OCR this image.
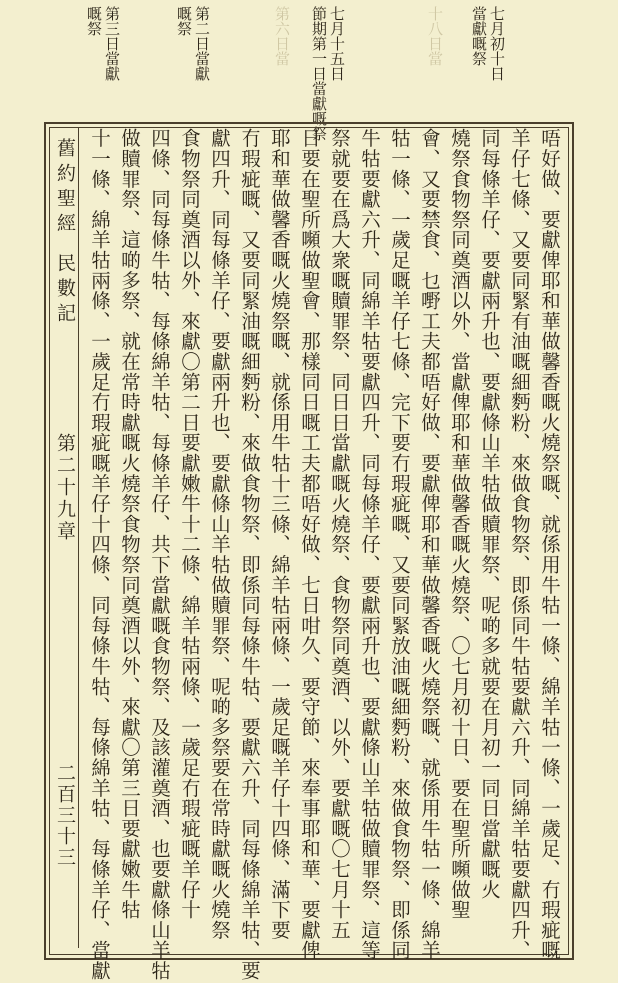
七月初十日
當獻嘅祭
十八日當
七月十五日
節期第一日當獻嘅祭
第六日當
第二日當獻
嘅祭
第三日當獻
嘅祭
唔好做、要獻俾耶和華做馨香嘅火燒祭嘅、就係用牛牯一條、綿羊牯一條、一歲足、冇瑕疵嘅
羊仔七條、又要同緊有油嘅細麪粉、來做食物祭、即係同牛牯要獻六升、同綿羊牯要獻四升、
同每條羊仔、要獻兩升也、要獻條山羊牯做贖罪祭、呢啲多就要在月初一同日當獻嘅火
燒祭食物祭同奠酒以外、當獻俾耶和華做馨香嘅火燒祭、〇七月初十日、要在聖所嚬做聖
會、又要禁食、乜嘢工夫都唔好做、要獻俾耶和華做馨香嘅火燒祭嘅、就係用牛牯一條、綿羊
牯一條、一歲足嘅羊仔七條、完下要冇瑕疵嘅、又要同緊放油嘅細麪粉、來做食物祭、即係同
牛牯要獻六升、同綿羊牯要獻四升、同每條羊仔、要獻兩升也、要獻條山羊牯做贖罪祭、這等
祭就要在爲大衆嘅贖罪祭、同日日當獻嘅火燒祭、食物祭同奠酒、以外、要獻嘅〇七月十五
日要在聖所嚬做聖會、那樣同日嘅工夫都唔好做、七日咁久、要守節、來奉事耶和華、要獻俾
耶和華做馨香嘅火燒祭嘅、就係用牛牯十三條、綿羊牯兩條、一歲足嘅羊仔十四條、滿下要
冇瑕疵嘅、又要同緊油嘅細麪粉、來做食物祭、即係同每條牛牯、要獻六升、同每條綿羊牯、要
獻四升、同每條羊仔、要獻兩升也、要獻條山羊牯做贖罪祭、呢啲多祭要在常時獻嘅火燒祭
食物祭同奠酒以外、來獻〇第二日要獻嫩牛十二條、綿羊牯兩條、一歲足冇瑕疵嘅羊仔十
四條、同每條牛牯、每條綿羊牯、每條羊仔、共下當獻嘅食物祭、及該灌奠酒、也要獻條山羊牯
做贖罪祭、這啲多祭、就在常時獻嘅火燒祭食物祭同奠酒以外、來獻〇第三日要獻嫩牛牯
十一條、綿羊牯兩條、一歲足冇瑕疵嘅羊仔十四條、同每條牛牯、每條綿羊牯、每條羊仔、當獻
舊約聖經
民數記
第二十九章
二百三十三
